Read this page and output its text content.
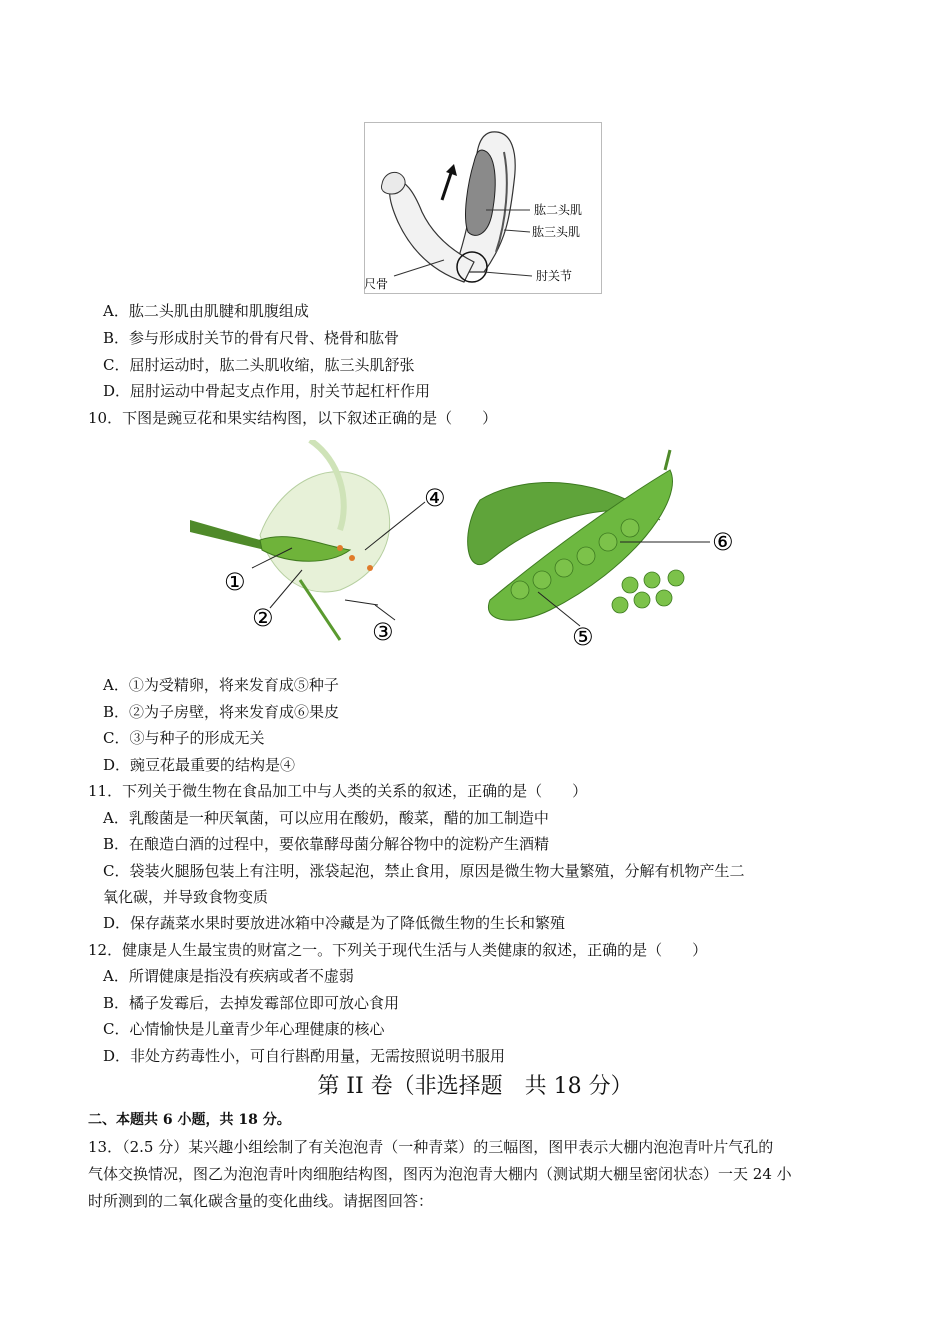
肱二头肌
肱三头肌
尺骨
肘关节
A．肱二头肌由肌腱和肌腹组成
B．参与形成肘关节的骨有尺骨、桡骨和肱骨
C．屈肘运动时，肱二头肌收缩，肱三头肌舒张
D．屈肘运动中骨起支点作用，肘关节起杠杆作用
10．下图是豌豆花和果实结构图，以下叙述正确的是（　　）
①
②	③
④
⑤
⑥
A．①为受精卵，将来发育成⑤种子
B．②为子房壁，将来发育成⑥果皮
C．③与种子的形成无关
D．豌豆花最重要的结构是④
11．下列关于微生物在食品加工中与人类的关系的叙述，正确的是（　　）
A．乳酸菌是一种厌氧菌，可以应用在酸奶，酸菜，醋的加工制造中
B．在酿造白酒的过程中，要依靠酵母菌分解谷物中的淀粉产生酒精
C．袋装火腿肠包装上有注明，涨袋起泡，禁止食用，原因是微生物大量繁殖，分解有机物产生二
氧化碳，并导致食物变质
D．保存蔬菜水果时要放进冰箱中冷藏是为了降低微生物的生长和繁殖
12．健康是人生最宝贵的财富之一。下列关于现代生活与人类健康的叙述，正确的是（　　）
A．所谓健康是指没有疾病或者不虚弱
B．橘子发霉后，去掉发霉部位即可放心食用
C．心情愉快是儿童青少年心理健康的核心
D．非处方药毒性小，可自行斟酌用量，无需按照说明书服用
第 II 卷（非选择题　共 18 分）
二、本题共 6 小题，共 18 分。
13．（2.5 分）某兴趣小组绘制了有关泡泡青（一种青菜）的三幅图，图甲表示大棚内泡泡青叶片气孔的
气体交换情况，图乙为泡泡青叶肉细胞结构图，图丙为泡泡青大棚内（测试期大棚呈密闭状态）一天 24 小
时所测到的二氧化碳含量的变化曲线。请据图回答：
